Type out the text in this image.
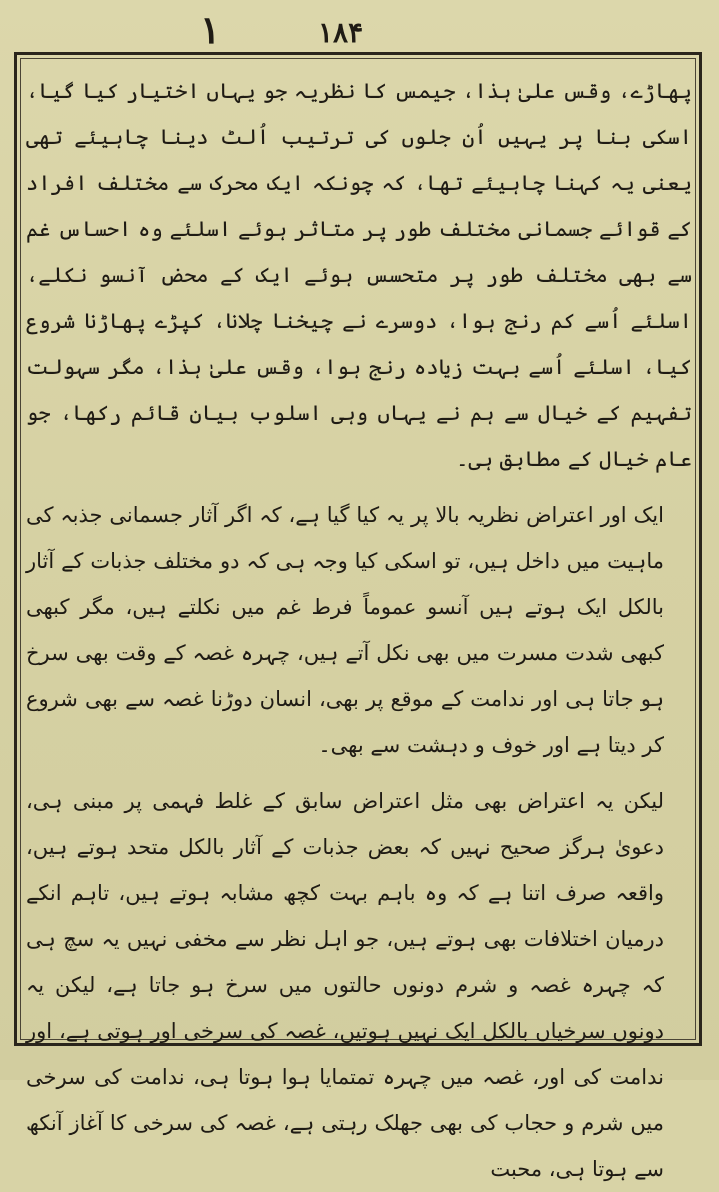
۱	۱۸۴

پھاڑے، وقس علیٰ ہذا، جیمس کا نظریہ جو یہاں اختیار کیا گیا، اسکی بنا پر یہیں اُن جلوں کی ترتیب اُلٹ دینا چاہیئے تھی یعنی یہ کہنا چاہیئے تھا، کہ چونکہ ایک محرک سے مختلف افراد کے قوائے جسمانی مختلف طور پر متاثر ہوئے اسلئے وہ احساس غم سے بھی مختلف طور پر متحسس ہوئے ایک کے محض آنسو نکلے، اسلئے اُسے کم رنج ہوا، دوسرے نے چیخنا چلانا، کپڑے پھاڑنا شروع کیا، اسلئے اُسے بہت زیادہ رنج ہوا، وقس علیٰ ہذا، مگر سہولت تفہیم کے خیال سے ہم نے یہاں وہی اسلوب بیان قائم رکھا، جو عام خیال کے مطابق ہی۔

ایک اور اعتراض نظریہ بالا پر یہ کیا گیا ہے، کہ اگر آثار جسمانی جذبہ کی ماہیت میں داخل ہیں، تو اسکی کیا وجہ ہی کہ دو مختلف جذبات کے آثار بالکل ایک ہوتے ہیں آنسو عموماً فرط غم میں نکلتے ہیں، مگر کبھی کبھی شدت مسرت میں بھی نکل آتے ہیں، چہرہ غصہ کے وقت بھی سرخ ہو جاتا ہی اور ندامت کے موقع پر بھی، انسان دوڑنا غصہ سے بھی شروع کر دیتا ہے اور خوف و دہشت سے بھی۔

لیکن یہ اعتراض بھی مثل اعتراض سابق کے غلط فہمی پر مبنی ہی، دعویٰ ہرگز صحیح نہیں کہ بعض جذبات کے آثار بالکل متحد ہوتے ہیں، واقعہ صرف اتنا ہے کہ وہ باہم بہت کچھ مشابہ ہوتے ہیں، تاہم انکے درمیان اختلافات بھی ہوتے ہیں، جو اہل نظر سے مخفی نہیں یہ سچ ہی کہ چہرہ غصہ و شرم دونوں حالتوں میں سرخ ہو جاتا ہے، لیکن یہ دونوں سرخیاں بالکل ایک نہیں ہوتیں، غصہ کی سرخی اور ہوتی ہے، اور ندامت کی اور، غصہ میں چہرہ تمتمایا ہوا ہوتا ہی، ندامت کی سرخی میں شرم و حجاب کی بھی جھلک رہتی ہے، غصہ کی سرخی کا آغاز آنکھ سے ہوتا ہی، محبت
